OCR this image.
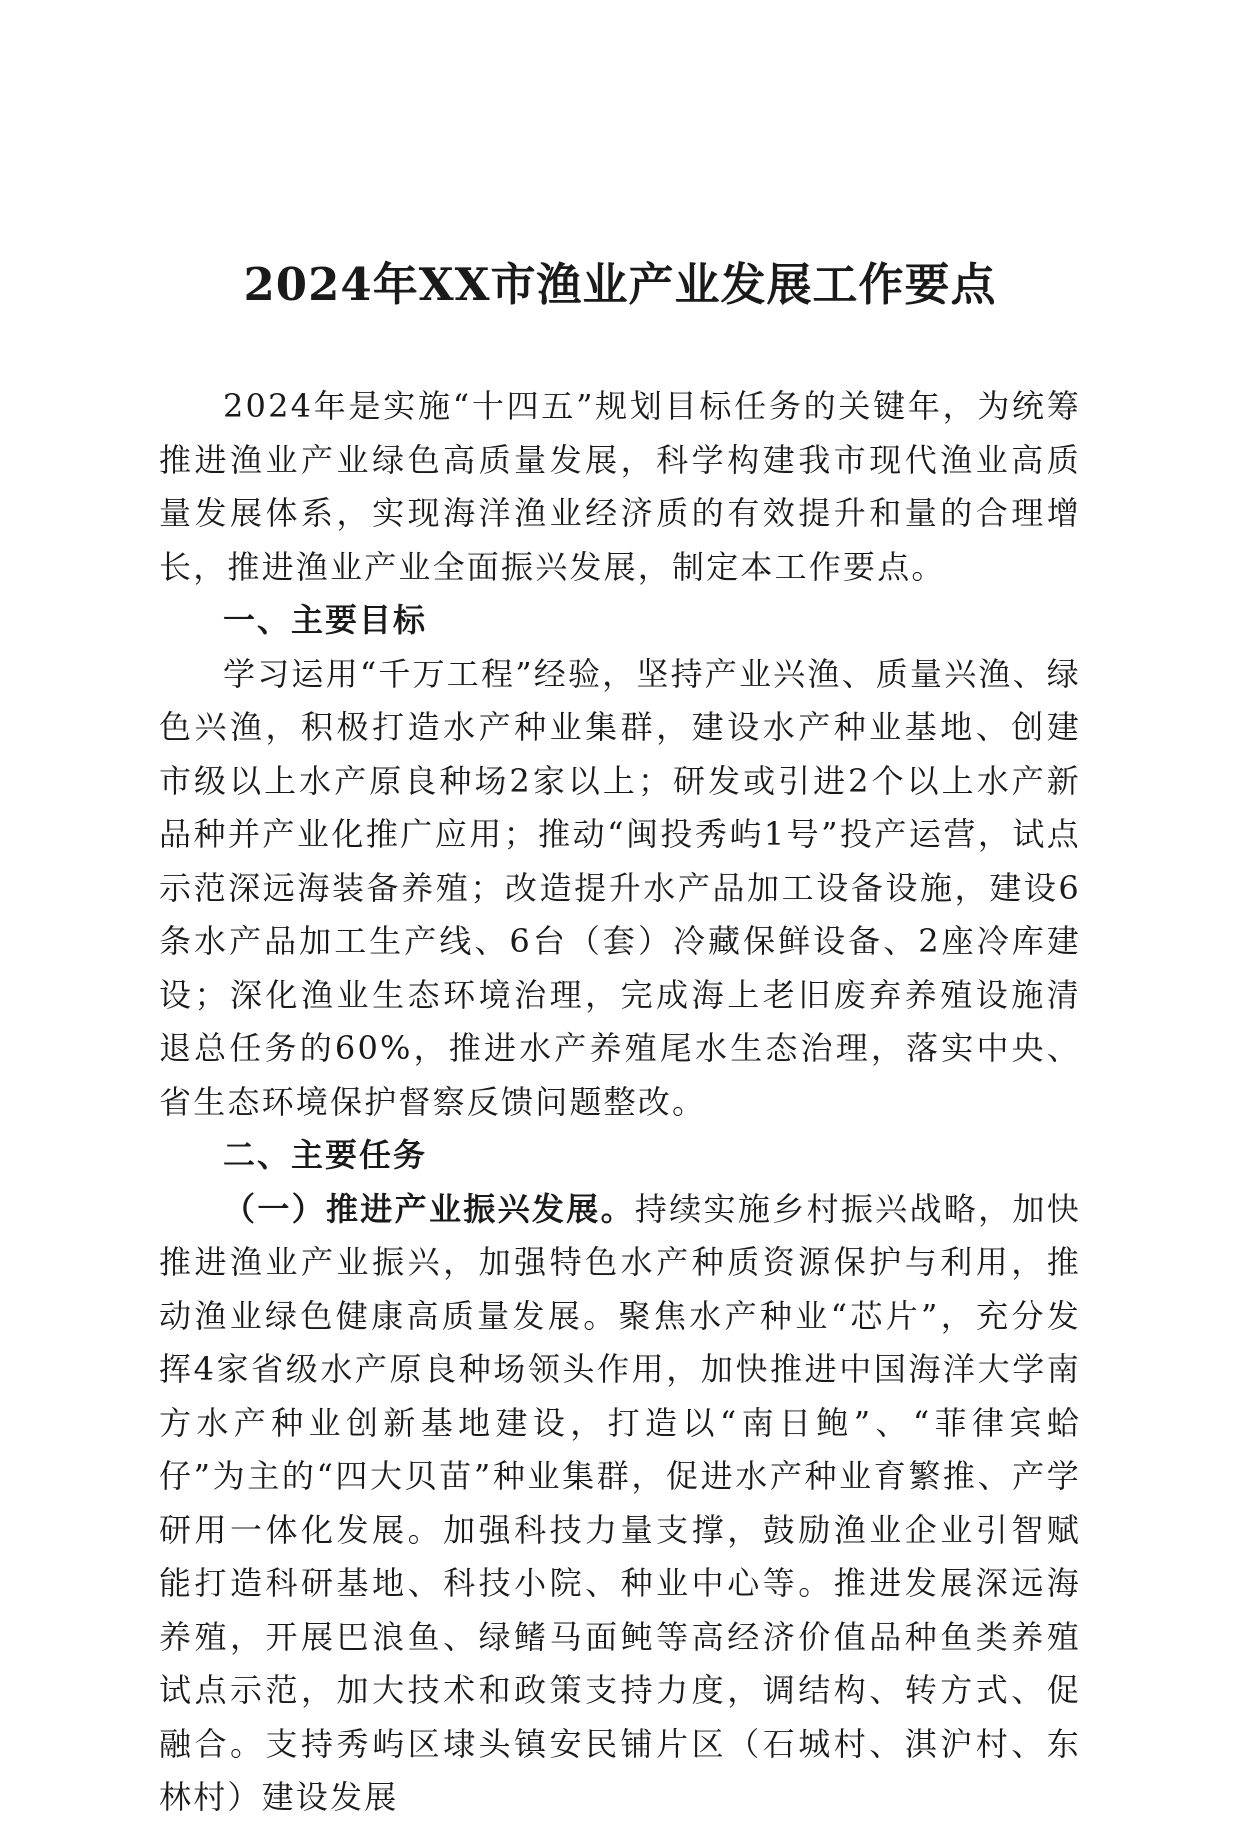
2024年XX市渔业产业发展工作要点

2024年是实施“十四五”规划目标任务的关键年，为统筹推进渔业产业绿色高质量发展，科学构建我市现代渔业高质量发展体系，实现海洋渔业经济质的有效提升和量的合理增长，推进渔业产业全面振兴发展，制定本工作要点。

一、主要目标

学习运用“千万工程”经验，坚持产业兴渔、质量兴渔、绿色兴渔，积极打造水产种业集群，建设水产种业基地、创建市级以上水产原良种场2家以上；研发或引进2个以上水产新品种并产业化推广应用；推动“闽投秀屿1号”投产运营，试点示范深远海装备养殖；改造提升水产品加工设备设施，建设6条水产品加工生产线、6台（套）冷藏保鲜设备、2座冷库建设；深化渔业生态环境治理，完成海上老旧废弃养殖设施清退总任务的60%，推进水产养殖尾水生态治理，落实中央、省生态环境保护督察反馈问题整改。

二、主要任务

（一）推进产业振兴发展。持续实施乡村振兴战略，加快推进渔业产业振兴，加强特色水产种质资源保护与利用，推动渔业绿色健康高质量发展。聚焦水产种业“芯片”，充分发挥4家省级水产原良种场领头作用，加快推进中国海洋大学南方水产种业创新基地建设，打造以“南日鲍”、“菲律宾蛤仔”为主的“四大贝苗”种业集群，促进水产种业育繁推、产学研用一体化发展。加强科技力量支撑，鼓励渔业企业引智赋能打造科研基地、科技小院、种业中心等。推进发展深远海养殖，开展巴浪鱼、绿鳍马面鲀等高经济价值品种鱼类养殖试点示范，加大技术和政策支持力度，调结构、转方式、促融合。支持秀屿区埭头镇安民铺片区（石城村、淇沪村、东林村）建设发展
